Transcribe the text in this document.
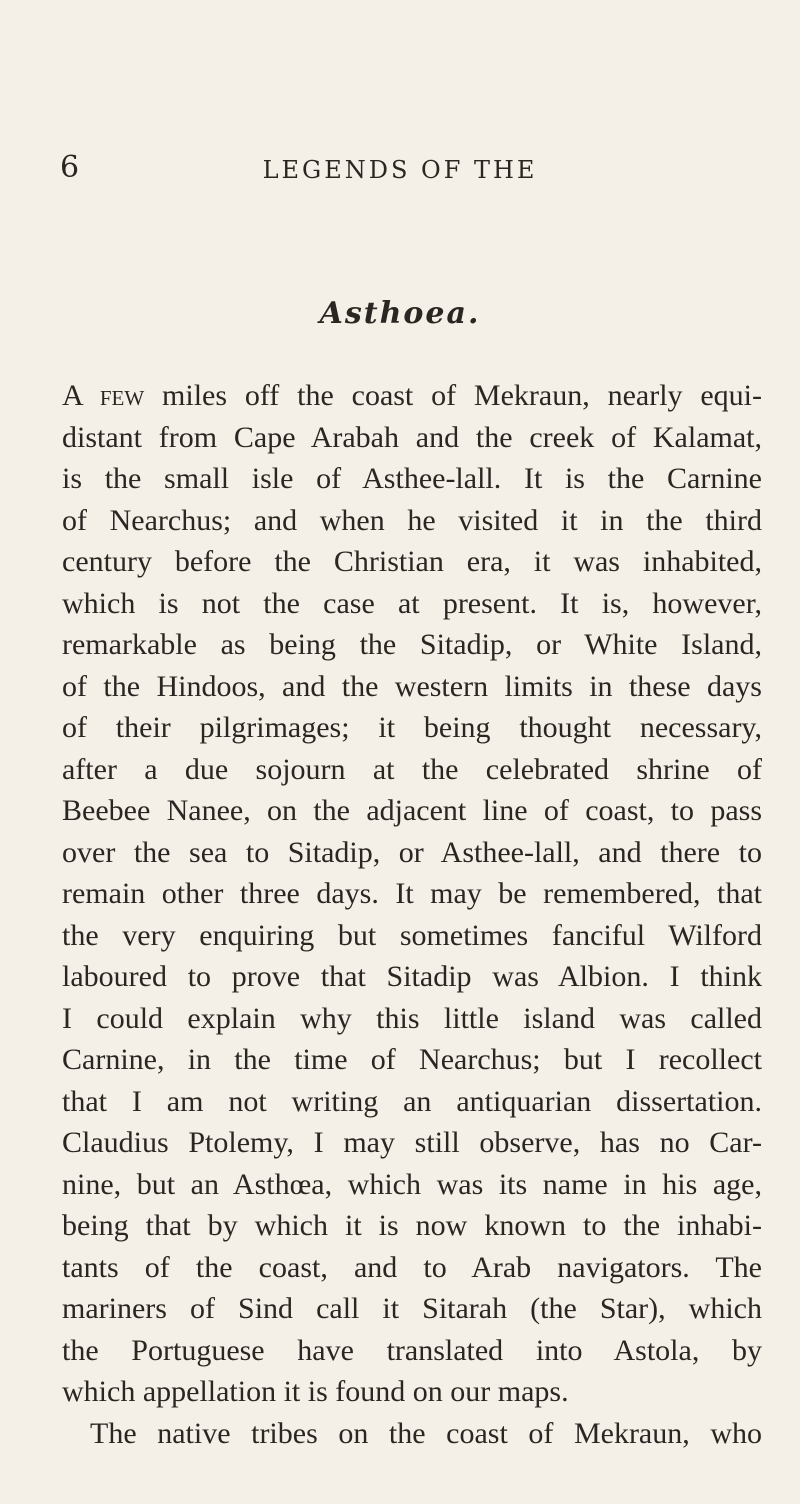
6	LEGENDS OF THE
Asthoea.
A few miles off the coast of Mekraun, nearly equi-
distant from Cape Arabah and the creek of Kalamat,
is the small isle of Asthee-lall. It is the Carnine
of Nearchus; and when he visited it in the third
century before the Christian era, it was inhabited,
which is not the case at present. It is, however,
remarkable as being the Sitadip, or White Island,
of the Hindoos, and the western limits in these days
of their pilgrimages; it being thought necessary,
after a due sojourn at the celebrated shrine of
Beebee Nanee, on the adjacent line of coast, to pass
over the sea to Sitadip, or Asthee-lall, and there to
remain other three days. It may be remembered, that
the very enquiring but sometimes fanciful Wilford
laboured to prove that Sitadip was Albion. I think
I could explain why this little island was called
Carnine, in the time of Nearchus; but I recollect
that I am not writing an antiquarian dissertation.
Claudius Ptolemy, I may still observe, has no Car-
nine, but an Asthœa, which was its name in his age,
being that by which it is now known to the inhabi-
tants of the coast, and to Arab navigators. The
mariners of Sind call it Sitarah (the Star), which
the Portuguese have translated into Astola, by
which appellation it is found on our maps.
The native tribes on the coast of Mekraun, who
